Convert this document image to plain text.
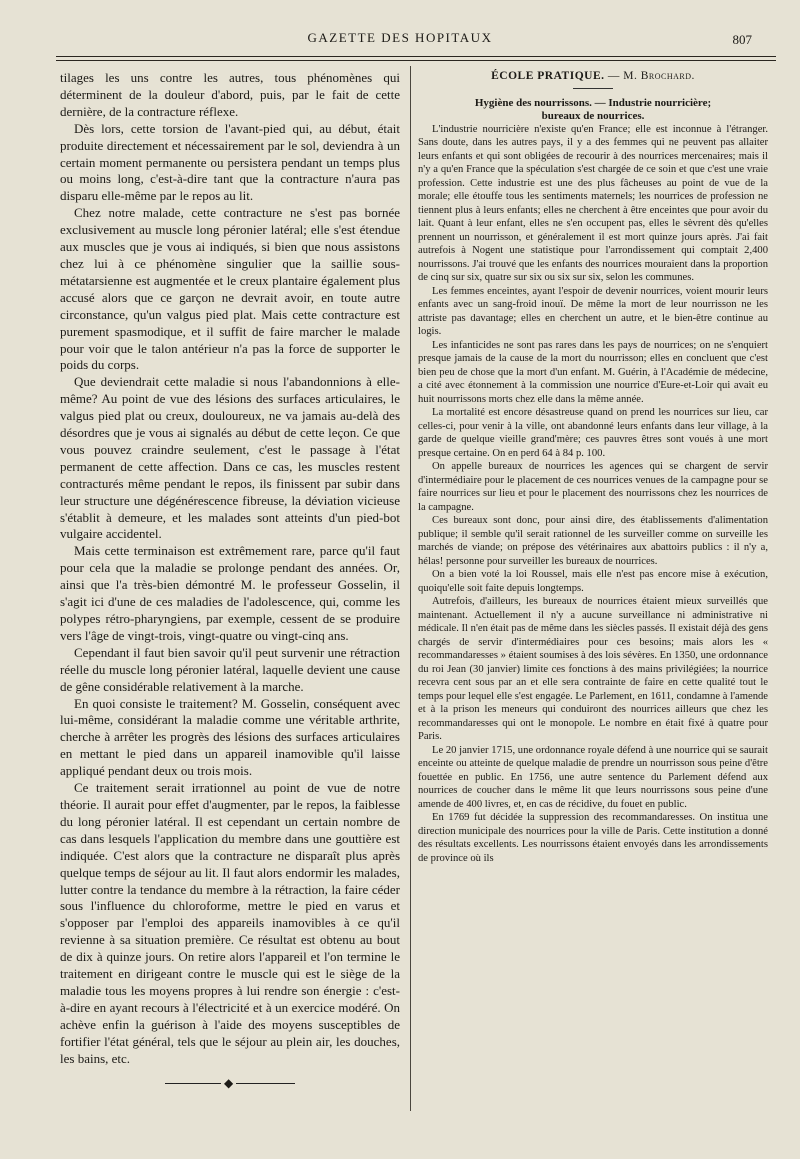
GAZETTE DES HOPITAUX	807

tilages les uns contre les autres, tous phénomènes qui déterminent de la douleur d'abord, puis, par le fait de cette dernière, de la contracture réflexe.

Dès lors, cette torsion de l'avant-pied qui, au début, était produite directement et nécessairement par le sol, deviendra à un certain moment permanente ou persistera pendant un temps plus ou moins long, c'est-à-dire tant que la contracture n'aura pas disparu elle-même par le repos au lit.

Chez notre malade, cette contracture ne s'est pas bornée exclusivement au muscle long péronier latéral; elle s'est étendue aux muscles que je vous ai indiqués, si bien que nous assistons chez lui à ce phénomène singulier que la saillie sous-métatarsienne est augmentée et le creux plantaire également plus accusé alors que ce garçon ne devrait avoir, en toute autre circonstance, qu'un valgus pied plat. Mais cette contracture est purement spasmodique, et il suffit de faire marcher le malade pour voir que le talon antérieur n'a pas la force de supporter le poids du corps.

Que deviendrait cette maladie si nous l'abandonnions à elle-même? Au point de vue des lésions des surfaces articulaires, le valgus pied plat ou creux, douloureux, ne va jamais au-delà des désordres que je vous ai signalés au début de cette leçon. Ce que vous pouvez craindre seulement, c'est le passage à l'état permanent de cette affection. Dans ce cas, les muscles restent contracturés même pendant le repos, ils finissent par subir dans leur structure une dégénérescence fibreuse, la déviation vicieuse s'établit à demeure, et les malades sont atteints d'un pied-bot vulgaire accidentel.

Mais cette terminaison est extrêmement rare, parce qu'il faut pour cela que la maladie se prolonge pendant des années. Or, ainsi que l'a très-bien démontré M. le professeur Gosselin, il s'agit ici d'une de ces maladies de l'adolescence, qui, comme les polypes rétro-pharyngiens, par exemple, cessent de se produire vers l'âge de vingt-trois, vingt-quatre ou vingt-cinq ans.

Cependant il faut bien savoir qu'il peut survenir une rétraction réelle du muscle long péronier latéral, laquelle devient une cause de gêne considérable relativement à la marche.

En quoi consiste le traitement? M. Gosselin, conséquent avec lui-même, considérant la maladie comme une véritable arthrite, cherche à arrêter les progrès des lésions des surfaces articulaires en mettant le pied dans un appareil inamovible qu'il laisse appliqué pendant deux ou trois mois.

Ce traitement serait irrationnel au point de vue de notre théorie. Il aurait pour effet d'augmenter, par le repos, la faiblesse du long péronier latéral. Il est cependant un certain nombre de cas dans lesquels l'application du membre dans une gouttière est indiquée. C'est alors que la contracture ne disparaît plus après quelque temps de séjour au lit. Il faut alors endormir les malades, lutter contre la tendance du membre à la rétraction, la faire céder sous l'influence du chloroforme, mettre le pied en varus et s'opposer par l'emploi des appareils inamovibles à ce qu'il revienne à sa situation première. Ce résultat est obtenu au bout de dix à quinze jours. On retire alors l'appareil et l'on termine le traitement en dirigeant contre le muscle qui est le siège de la maladie tous les moyens propres à lui rendre son énergie : c'est-à-dire en ayant recours à l'électricité et à un exercice modéré. On achève enfin la guérison à l'aide des moyens susceptibles de fortifier l'état général, tels que le séjour au plein air, les douches, les bains, etc.

◆

ÉCOLE PRATIQUE. — M. Brochard.

Hygiène des nourrissons. — Industrie nourricière;
bureaux de nourrices.

L'industrie nourricière n'existe qu'en France; elle est inconnue à l'étranger. Sans doute, dans les autres pays, il y a des femmes qui ne peuvent pas allaiter leurs enfants et qui sont obligées de recourir à des nourrices mercenaires; mais il n'y a qu'en France que la spéculation s'est chargée de ce soin et que c'est une vraie profession. Cette industrie est une des plus fâcheuses au point de vue de la morale; elle étouffe tous les sentiments maternels; les nourrices de profession ne tiennent plus à leurs enfants; elles ne cherchent à être enceintes que pour avoir du lait. Quant à leur enfant, elles ne s'en occupent pas, elles le sèvrent dès qu'elles prennent un nourrisson, et généralement il est mort quinze jours après. J'ai fait autrefois à Nogent une statistique pour l'arrondissement qui comptait 2,400 nourrissons. J'ai trouvé que les enfants des nourrices mouraient dans la proportion de cinq sur six, quatre sur six ou six sur six, selon les communes.

Les femmes enceintes, ayant l'espoir de devenir nourrices, voient mourir leurs enfants avec un sang-froid inouï. De même la mort de leur nourrisson ne les attriste pas davantage; elles en cherchent un autre, et le bien-être continue au logis.

Les infanticides ne sont pas rares dans les pays de nourrices; on ne s'enquiert presque jamais de la cause de la mort du nourrisson; elles en concluent que c'est bien peu de chose que la mort d'un enfant. M. Guérin, à l'Académie de médecine, a cité avec étonnement à la commission une nourrice d'Eure-et-Loir qui avait eu huit nourrissons morts chez elle dans la même année.

La mortalité est encore désastreuse quand on prend les nourrices sur lieu, car celles-ci, pour venir à la ville, ont abandonné leurs enfants dans leur village, à la garde de quelque vieille grand'mère; ces pauvres êtres sont voués à une mort presque certaine. On en perd 64 à 84 p. 100.

On appelle bureaux de nourrices les agences qui se chargent de servir d'intermédiaire pour le placement de ces nourrices venues de la campagne pour se faire nourrices sur lieu et pour le placement des nourrissons chez les nourrices de la campagne.

Ces bureaux sont donc, pour ainsi dire, des établissements d'alimentation publique; il semble qu'il serait rationnel de les surveiller comme on surveille les marchés de viande; on prépose des vétérinaires aux abattoirs publics : il n'y a, hélas! personne pour surveiller les bureaux de nourrices.

On a bien voté la loi Roussel, mais elle n'est pas encore mise à exécution, quoiqu'elle soit faite depuis longtemps.

Autrefois, d'ailleurs, les bureaux de nourrices étaient mieux surveillés que maintenant. Actuellement il n'y a aucune surveillance ni administrative ni médicale. Il n'en était pas de même dans les siècles passés. Il existait déjà des gens chargés de servir d'intermédiaires pour ces besoins; mais alors les « recommandaresses » étaient soumises à des lois sévères. En 1350, une ordonnance du roi Jean (30 janvier) limite ces fonctions à des mains privilégiées; la nourrice recevra cent sous par an et elle sera contrainte de faire en cette qualité tout le temps pour lequel elle s'est engagée. Le Parlement, en 1611, condamne à l'amende et à la prison les meneurs qui conduiront des nourrices ailleurs que chez les recommandaresses qui ont le monopole. Le nombre en était fixé à quatre pour Paris.

Le 20 janvier 1715, une ordonnance royale défend à une nourrice qui se saurait enceinte ou atteinte de quelque maladie de prendre un nourrisson sous peine d'être fouettée en public. En 1756, une autre sentence du Parlement défend aux nourrices de coucher dans le même lit que leurs nourrissons sous peine d'une amende de 400 livres, et, en cas de récidive, du fouet en public.

En 1769 fut décidée la suppression des recommandaresses. On institua une direction municipale des nourrices pour la ville de Paris. Cette institution a donné des résultats excellents. Les nourrissons étaient envoyés dans les arrondissements de province où ils
